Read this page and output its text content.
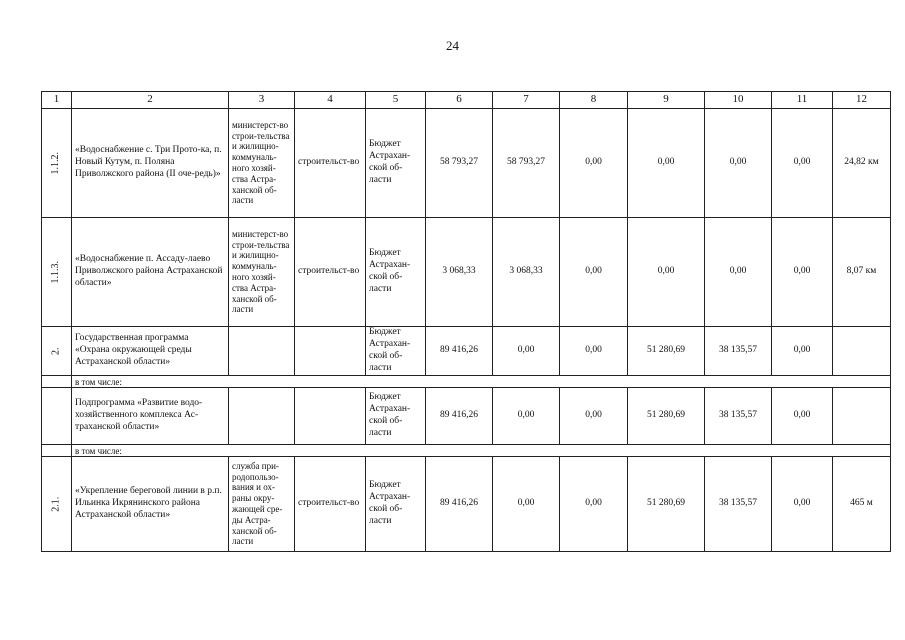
24
1	2	3	4	5	6	7	8	9	10	11	12
1.1.2.	«Водоснабжение с. Три Прото-ка, п. Новый Кутум, п. Поляна Приволжского района (II оче-редь)»	министерст-во строи-тельства и жилищно-коммуналь-ного хозяй-ства Астра-ханской об-ласти	строительст-во	Бюджет Астрахан-ской об-ласти	58 793,27	58 793,27	0,00	0,00	0,00	0,00	24,82 км
1.1.3.	«Водоснабжение п. Ассаду-лаево Приволжского района Астраханской области»	министерст-во строи-тельства и жилищно-коммуналь-ного хозяй-ства Астра-ханской об-ласти	строительст-во	Бюджет Астрахан-ской об-ласти	3 068,33	3 068,33	0,00	0,00	0,00	0,00	8,07 км
2.	Государственная программа «Охрана окружающей среды Астраханской области»			Бюджет Астрахан-ской об-ласти	89 416,26	0,00	0,00	51 280,69	38 135,57	0,00	
	в том числе:										
	Подпрограмма «Развитие водо-хозяйственного комплекса Ас-траханской области»			Бюджет Астрахан-ской об-ласти	89 416,26	0,00	0,00	51 280,69	38 135,57	0,00	
	в том числе:										
2.1.	«Укрепление береговой линии в р.п. Ильинка Икрянинского района Астраханской области»	служба при-родопользо-вания и ох-раны окру-жающей сре-ды Астра-ханской об-ласти	строительст-во	Бюджет Астрахан-ской об-ласти	89 416,26	0,00	0,00	51 280,69	38 135,57	0,00	465 м
